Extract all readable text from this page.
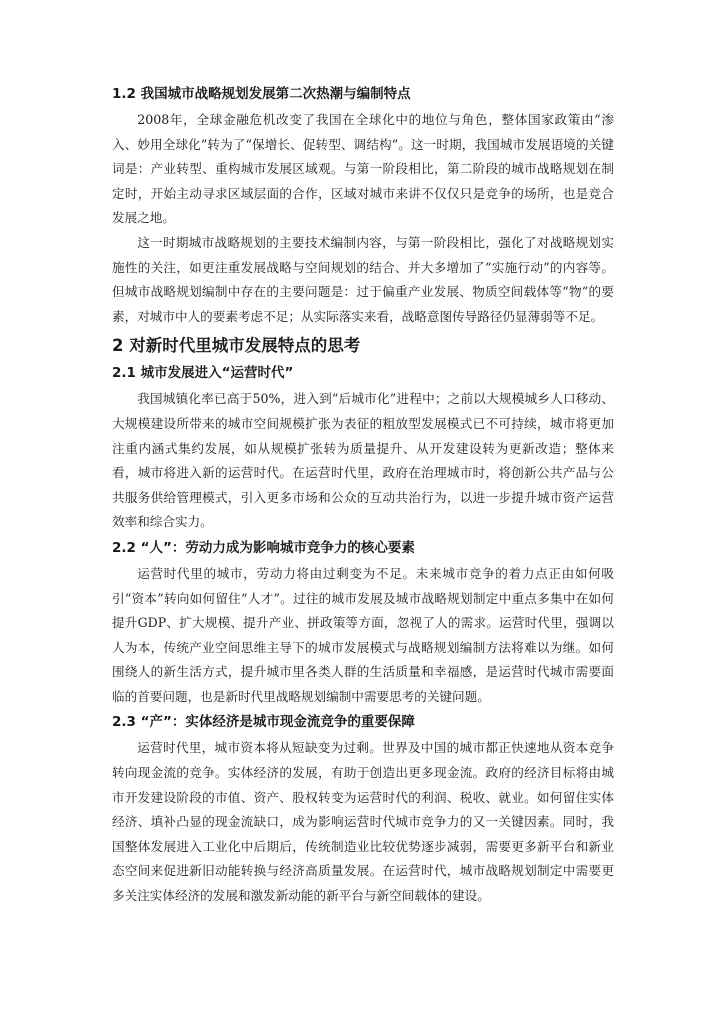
1.2 我国城市战略规划发展第二次热潮与编制特点

2008年，全球金融危机改变了我国在全球化中的地位与角色，整体国家政策由“渗入、妙用全球化”转为了“保增长、促转型、调结构”。这一时期，我国城市发展语境的关键词是：产业转型、重构城市发展区域观。与第一阶段相比，第二阶段的城市战略规划在制定时，开始主动寻求区域层面的合作，区域对城市来讲不仅仅只是竞争的场所，也是竞合发展之地。

这一时期城市战略规划的主要技术编制内容，与第一阶段相比，强化了对战略规划实施性的关注，如更注重发展战略与空间规划的结合、并大多增加了“实施行动”的内容等。但城市战略规划编制中存在的主要问题是：过于偏重产业发展、物质空间载体等“物”的要素，对城市中人的要素考虑不足；从实际落实来看，战略意图传导路径仍显薄弱等不足。

2 对新时代里城市发展特点的思考
2.1 城市发展进入“运营时代”

我国城镇化率已高于50%，进入到“后城市化”进程中；之前以大规模城乡人口移动、大规模建设所带来的城市空间规模扩张为表征的粗放型发展模式已不可持续，城市将更加注重内涵式集约发展，如从规模扩张转为质量提升、从开发建设转为更新改造；整体来看，城市将进入新的运营时代。在运营时代里，政府在治理城市时，将创新公共产品与公共服务供给管理模式，引入更多市场和公众的互动共治行为，以进一步提升城市资产运营效率和综合实力。

2.2 “人”：劳动力成为影响城市竞争力的核心要素

运营时代里的城市，劳动力将由过剩变为不足。未来城市竞争的着力点正由如何吸引“资本”转向如何留住“人才”。过往的城市发展及城市战略规划制定中重点多集中在如何提升GDP、扩大规模、提升产业、拼政策等方面，忽视了人的需求。运营时代里，强调以人为本，传统产业空间思维主导下的城市发展模式与战略规划编制方法将难以为继。如何围绕人的新生活方式，提升城市里各类人群的生活质量和幸福感，是运营时代城市需要面临的首要问题，也是新时代里战略规划编制中需要思考的关键问题。

2.3 “产”：实体经济是城市现金流竞争的重要保障

运营时代里，城市资本将从短缺变为过剩。世界及中国的城市都正快速地从资本竞争转向现金流的竞争。实体经济的发展，有助于创造出更多现金流。政府的经济目标将由城市开发建设阶段的市值、资产、股权转变为运营时代的利润、税收、就业。如何留住实体经济、填补凸显的现金流缺口，成为影响运营时代城市竞争力的又一关键因素。同时，我国整体发展进入工业化中后期后，传统制造业比较优势逐步减弱，需要更多新平台和新业态空间来促进新旧动能转换与经济高质量发展。在运营时代，城市战略规划制定中需要更多关注实体经济的发展和激发新动能的新平台与新空间载体的建设。
